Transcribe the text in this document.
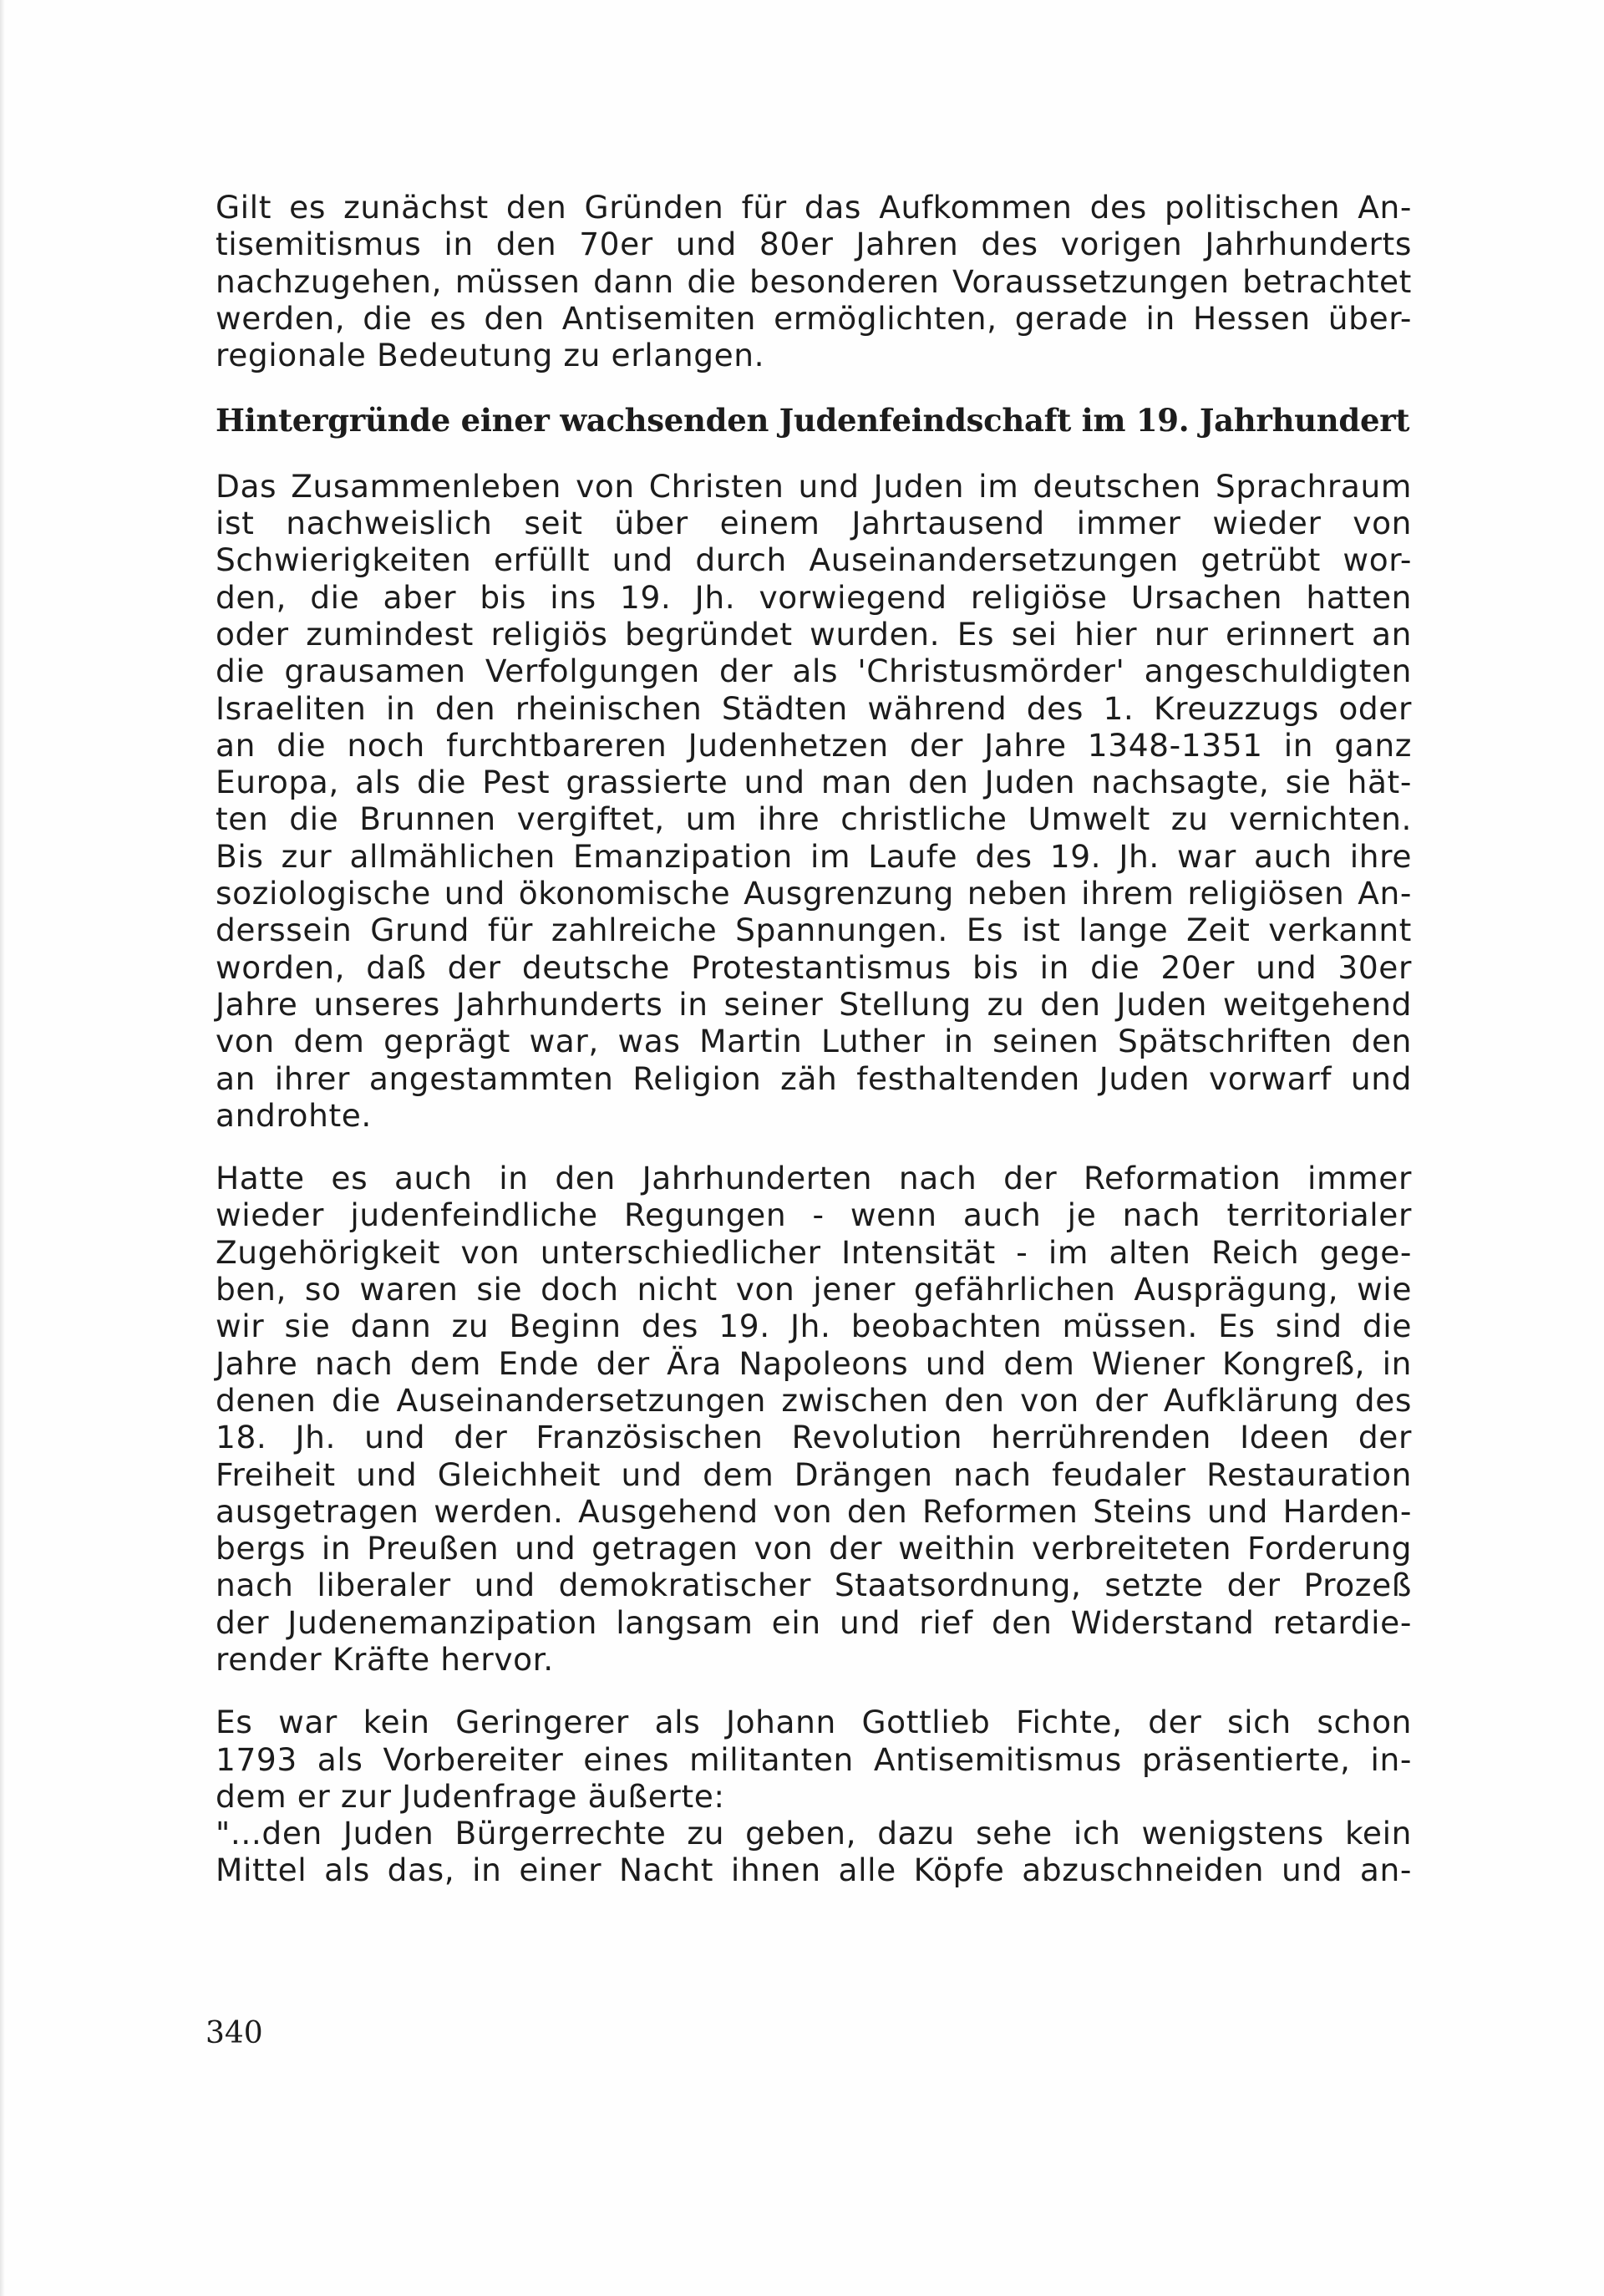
Gilt es zunächst den Gründen für das Aufkommen des politischen An-
tisemitismus in den 70er und 80er Jahren des vorigen Jahrhunderts
nachzugehen, müssen dann die besonderen Voraussetzungen betrachtet
werden, die es den Antisemiten ermöglichten, gerade in Hessen über-
regionale Bedeutung zu erlangen.
Hintergründe einer wachsenden Judenfeindschaft im 19. Jahrhundert
Das Zusammenleben von Christen und Juden im deutschen Sprachraum
ist nachweislich seit über einem Jahrtausend immer wieder von
Schwierigkeiten erfüllt und durch Auseinandersetzungen getrübt wor-
den, die aber bis ins 19. Jh. vorwiegend religiöse Ursachen hatten
oder zumindest religiös begründet wurden. Es sei hier nur erinnert an
die grausamen Verfolgungen der als 'Christusmörder' angeschuldigten
Israeliten in den rheinischen Städten während des 1. Kreuzzugs oder
an die noch furchtbareren Judenhetzen der Jahre 1348-1351 in ganz
Europa, als die Pest grassierte und man den Juden nachsagte, sie hät-
ten die Brunnen vergiftet, um ihre christliche Umwelt zu vernichten.
Bis zur allmählichen Emanzipation im Laufe des 19. Jh. war auch ihre
soziologische und ökonomische Ausgrenzung neben ihrem religiösen An-
derssein Grund für zahlreiche Spannungen. Es ist lange Zeit verkannt
worden, daß der deutsche Protestantismus bis in die 20er und 30er
Jahre unseres Jahrhunderts in seiner Stellung zu den Juden weitgehend
von dem geprägt war, was Martin Luther in seinen Spätschriften den
an ihrer angestammten Religion zäh festhaltenden Juden vorwarf und
androhte.
Hatte es auch in den Jahrhunderten nach der Reformation immer
wieder judenfeindliche Regungen - wenn auch je nach territorialer
Zugehörigkeit von unterschiedlicher Intensität - im alten Reich gege-
ben, so waren sie doch nicht von jener gefährlichen Ausprägung, wie
wir sie dann zu Beginn des 19. Jh. beobachten müssen. Es sind die
Jahre nach dem Ende der Ära Napoleons und dem Wiener Kongreß, in
denen die Auseinandersetzungen zwischen den von der Aufklärung des
18. Jh. und der Französischen Revolution herrührenden Ideen der
Freiheit und Gleichheit und dem Drängen nach feudaler Restauration
ausgetragen werden. Ausgehend von den Reformen Steins und Harden-
bergs in Preußen und getragen von der weithin verbreiteten Forderung
nach liberaler und demokratischer Staatsordnung, setzte der Prozeß
der Judenemanzipation langsam ein und rief den Widerstand retardie-
render Kräfte hervor.
Es war kein Geringerer als Johann Gottlieb Fichte, der sich schon
1793 als Vorbereiter eines militanten Antisemitismus präsentierte, in-
dem er zur Judenfrage äußerte:
"...den Juden Bürgerrechte zu geben, dazu sehe ich wenigstens kein
Mittel als das, in einer Nacht ihnen alle Köpfe abzuschneiden und an-
340
